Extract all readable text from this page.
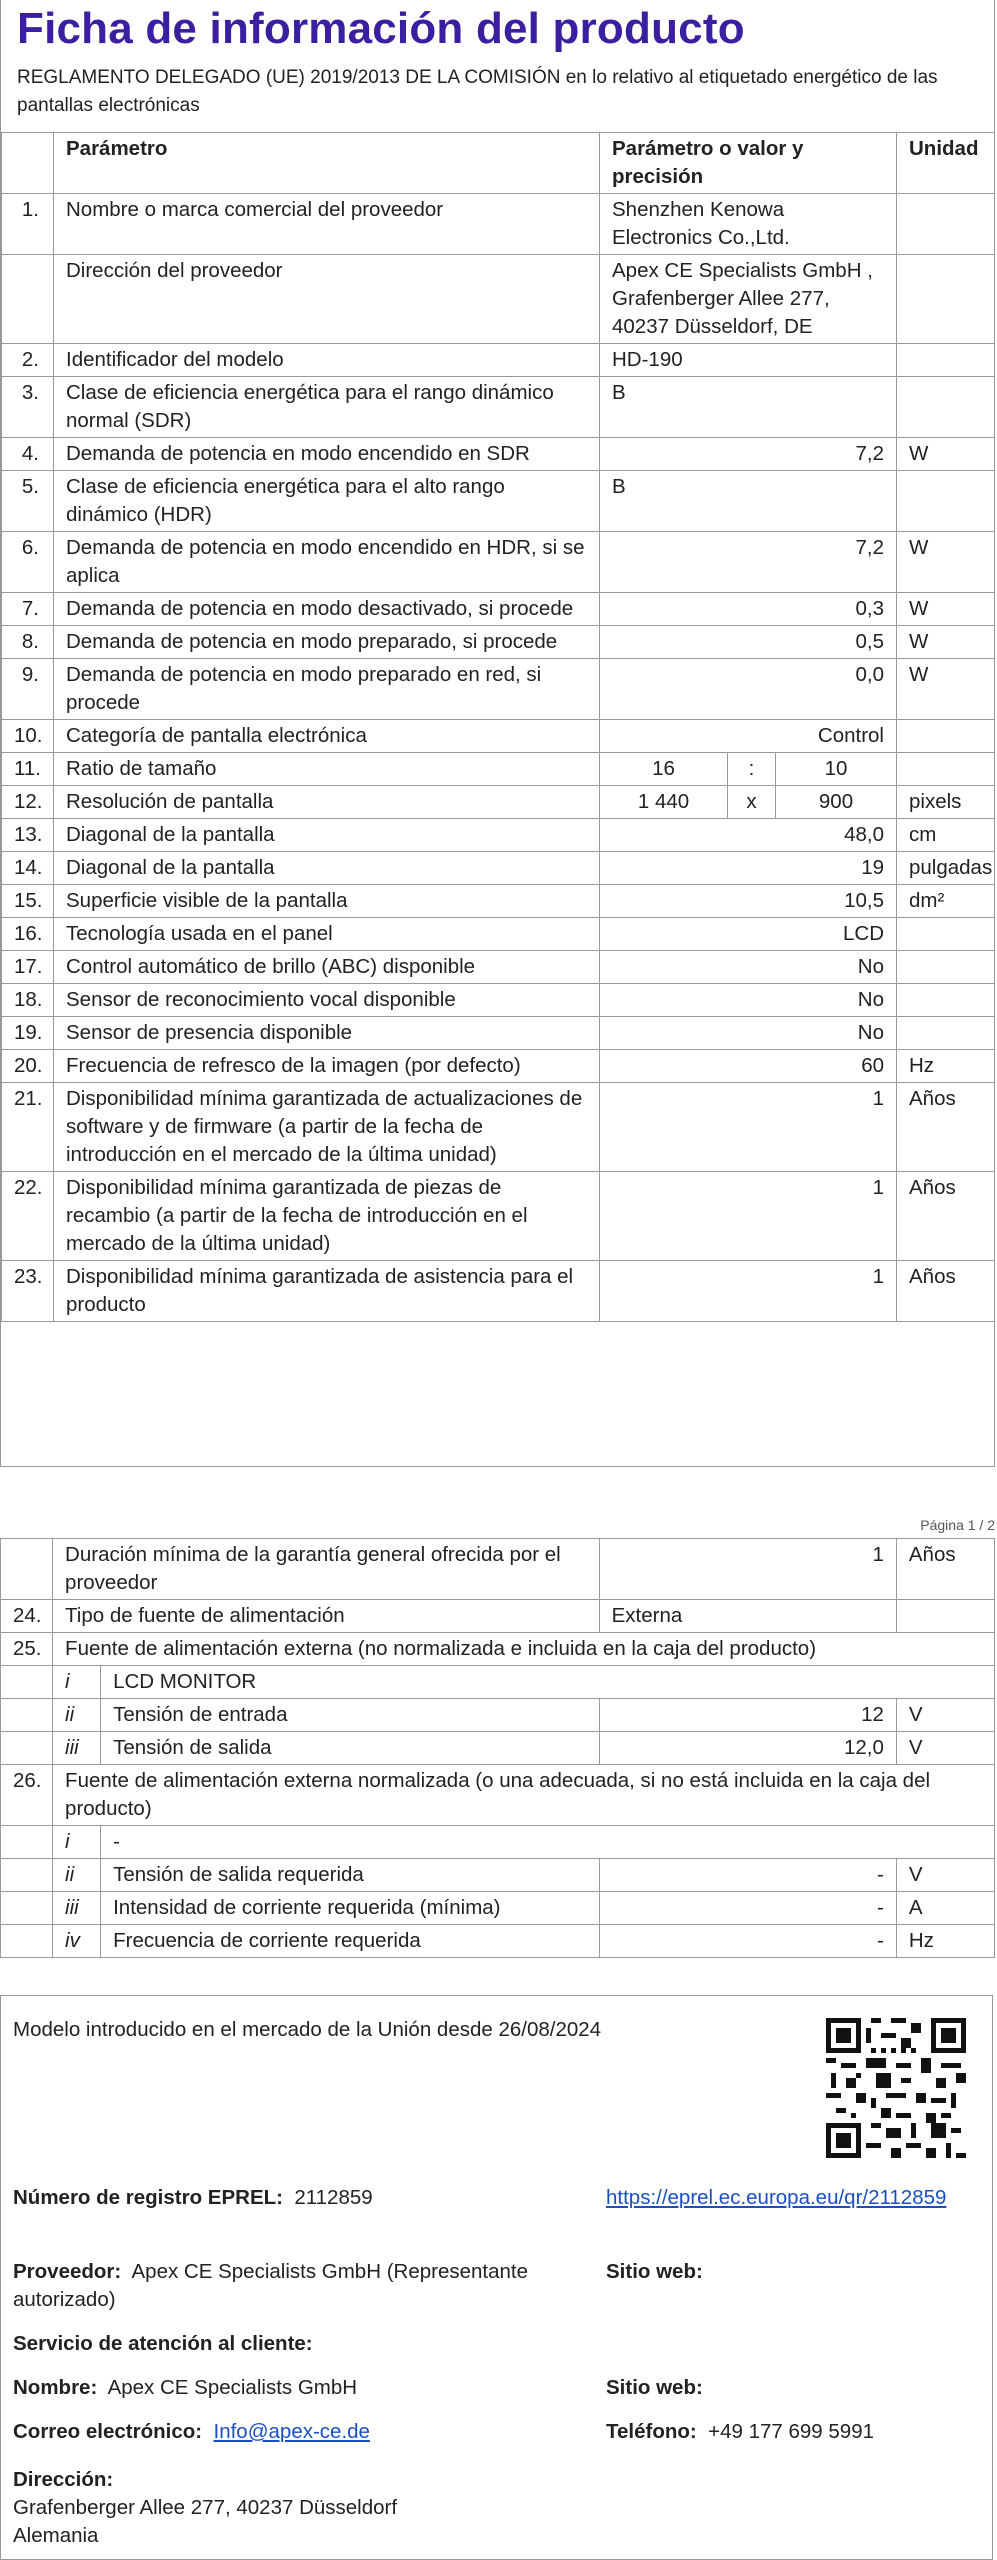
Ficha de información del producto
REGLAMENTO DELEGADO (UE) 2019/2013 DE LA COMISIÓN en lo relativo al etiquetado energético de las pantallas electrónicas
	Parámetro	Parámetro o valor y precisión			Unidad
1.	Nombre o marca comercial del proveedor	Shenzhen Kenowa Electronics Co.,Ltd.			
	Dirección del proveedor	Apex CE Specialists GmbH , Grafenberger Allee 277, 40237 Düsseldorf, DE			
2.	Identificador del modelo	HD-190			
3.	Clase de eficiencia energética para el rango dinámico normal (SDR)	B			
4.	Demanda de potencia en modo encendido en SDR	7,2			W
5.	Clase de eficiencia energética para el alto rango dinámico (HDR)	B			
6.	Demanda de potencia en modo encendido en HDR, si se aplica	7,2			W
7.	Demanda de potencia en modo desactivado, si procede	0,3			W
8.	Demanda de potencia en modo preparado, si procede	0,5			W
9.	Demanda de potencia en modo preparado en red, si procede	0,0			W
10.	Categoría de pantalla electrónica	Control			
11.	Ratio de tamaño	16	:	10	
12.	Resolución de pantalla	1 440	x	900	pixels
13.	Diagonal de la pantalla	48,0			cm
14.	Diagonal de la pantalla	19			pulgadas
15.	Superficie visible de la pantalla	10,5			dm²
16.	Tecnología usada en el panel	LCD			
17.	Control automático de brillo (ABC) disponible	No			
18.	Sensor de reconocimiento vocal disponible	No			
19.	Sensor de presencia disponible	No			
20.	Frecuencia de refresco de la imagen (por defecto)	60			Hz
21.	Disponibilidad mínima garantizada de actualizaciones de software y de firmware (a partir de la fecha de introducción en el mercado de la última unidad)	1			Años
22.	Disponibilidad mínima garantizada de piezas de recambio (a partir de la fecha de introducción en el mercado de la última unidad)	1			Años
23.	Disponibilidad mínima garantizada de asistencia para el producto	1			Años
Página 1 / 2
	Duración mínima de la garantía general ofrecida por el proveedor		1	Años
24.	Tipo de fuente de alimentación		Externa	
25.	Fuente de alimentación externa (no normalizada e incluida en la caja del producto)			
	i	LCD MONITOR		
	ii	Tensión de entrada	12	V
	iii	Tensión de salida	12,0	V
26.	Fuente de alimentación externa normalizada (o una adecuada, si no está incluida en la caja del producto)			
	i	-		
	ii	Tensión de salida requerida	-	V
	iii	Intensidad de corriente requerida (mínima)	-	A
	iv	Frecuencia de corriente requerida	-	Hz
Modelo introducido en el mercado de la Unión desde 26/08/2024
Número de registro EPREL: 2112859	https://eprel.ec.europa.eu/qr/2112859
Proveedor: Apex CE Specialists GmbH (Representante autorizado)
Sitio web:
Servicio de atención al cliente:
Nombre: Apex CE Specialists GmbH	Sitio web:
Correo electrónico: Info@apex-ce.de	Teléfono: +49 177 699 5991
Dirección:
Grafenberger Allee 277, 40237 Düsseldorf
Alemania
